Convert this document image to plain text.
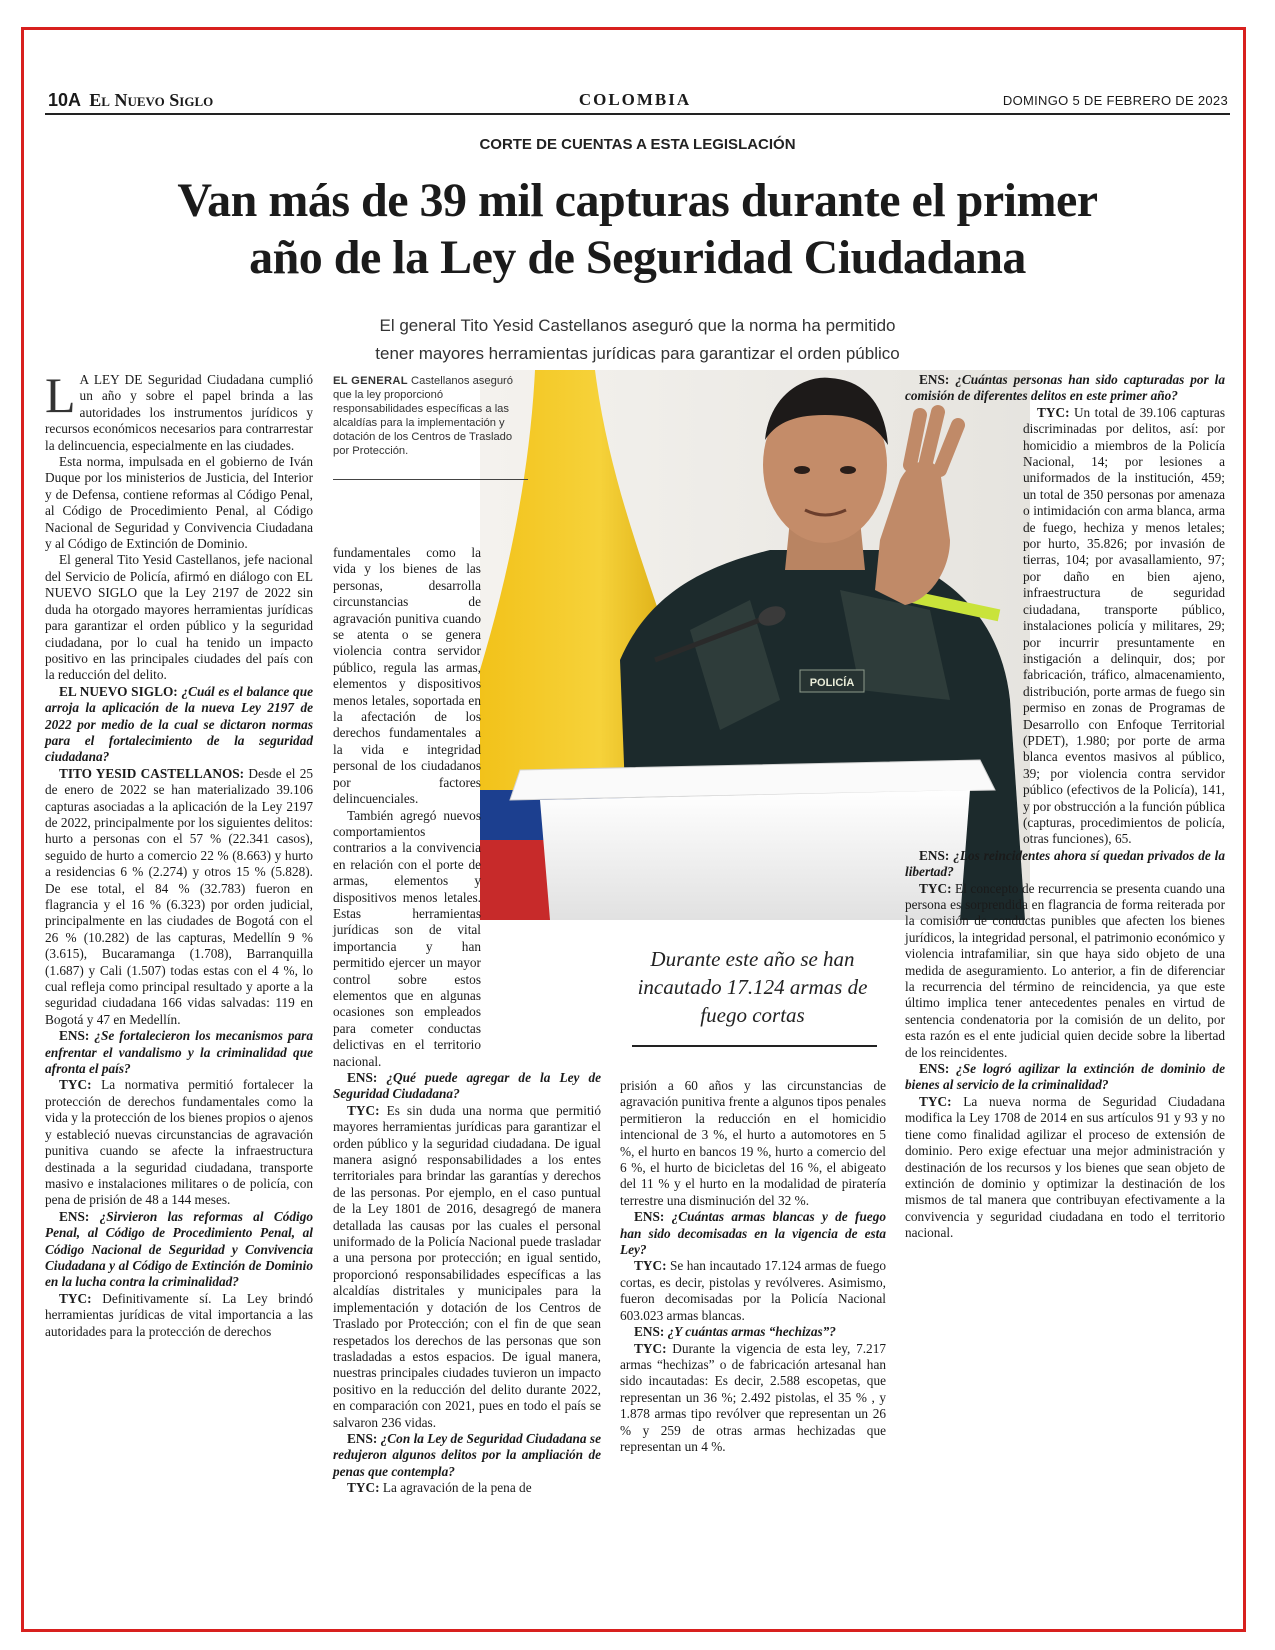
10A El Nuevo Siglo	COLOMBIA	DOMINGO 5 DE FEBRERO DE 2023
CORTE DE CUENTAS A ESTA LEGISLACIÓN
Van más de 39 mil capturas durante el primer
año de la Ley de Seguridad Ciudadana
El general Tito Yesid Castellanos aseguró que la norma ha permitido
tener mayores herramientas jurídicas para garantizar el orden público
POLICÍA
EL GENERAL Castellanos aseguró que la ley proporcionó responsabilidades específicas a las alcaldías para la implementación y dotación de los Centros de Traslado por Protección.

L A LEY DE Seguridad Ciudadana cumplió un año y sobre el papel brinda a las autoridades los instrumentos jurídicos y recursos económicos necesarios para contrarrestar la delincuencia, especialmente en las ciudades.

Esta norma, impulsada en el gobierno de Iván Duque por los ministerios de Justicia, del Interior y de Defensa, contiene reformas al Código Penal, al Código de Procedimiento Penal, al Código Nacional de Seguridad y Convivencia Ciudadana y al Código de Extinción de Dominio.

El general Tito Yesid Castellanos, jefe nacional del Servicio de Policía, afirmó en diálogo con EL NUEVO SIGLO que la Ley 2197 de 2022 sin duda ha otorgado mayores herramientas jurídicas para garantizar el orden público y la seguridad ciudadana, por lo cual ha tenido un impacto positivo en las principales ciudades del país con la reducción del delito.

EL NUEVO SIGLO: ¿Cuál es el balance que arroja la aplicación de la nueva Ley 2197 de 2022 por medio de la cual se dictaron normas para el fortalecimiento de la seguridad ciudadana?

TITO YESID CASTELLANOS: Desde el 25 de enero de 2022 se han materializado 39.106 capturas asociadas a la aplicación de la Ley 2197 de 2022, principalmente por los siguientes delitos: hurto a personas con el 57 % (22.341 casos), seguido de hurto a comercio 22 % (8.663) y hurto a residencias 6 % (2.274) y otros 15 % (5.828). De ese total, el 84 % (32.783) fueron en flagrancia y el 16 % (6.323) por orden judicial, principalmente en las ciudades de Bogotá con el 26 % (10.282) de las capturas, Medellín 9 % (3.615), Bucaramanga (1.708), Barranquilla (1.687) y Cali (1.507) todas estas con el 4 %, lo cual refleja como principal resultado y aporte a la seguridad ciudadana 166 vidas salvadas: 119 en Bogotá y 47 en Medellín.

ENS: ¿Se fortalecieron los mecanismos para enfrentar el vandalismo y la criminalidad que afronta el país?

TYC: La normativa permitió fortalecer la protección de derechos fundamentales como la vida y la protección de los bienes propios o ajenos y estableció nuevas circunstancias de agravación punitiva cuando se afecte la infraestructura destinada a la seguridad ciudadana, transporte masivo e instalaciones militares o de policía, con pena de prisión de 48 a 144 meses.

ENS: ¿Sirvieron las reformas al Código Penal, al Código de Procedimiento Penal, al Código Nacional de Seguridad y Convivencia Ciudadana y al Código de Extinción de Dominio en la lucha contra la criminalidad?

TYC: Definitivamente sí. La Ley brindó herramientas jurídicas de vital importancia a las autoridades para la protección de derechos

fundamentales como la vida y los bienes de las personas, desarrolla circunstancias de agravación punitiva cuando se atenta o se genera violencia contra servidor público, regula las armas, elementos y dispositivos menos letales, soportada en la afectación de los derechos fundamentales a la vida e integridad personal de los ciudadanos por factores delincuenciales.

También agregó nuevos comportamientos contrarios a la convivencia en relación con el porte de armas, elementos y dispositivos menos letales. Estas herramientas jurídicas son de vital importancia y han permitido ejercer un mayor control sobre estos elementos que en algunas ocasiones son empleados para cometer conductas delictivas en el territorio nacional.

ENS: ¿Qué puede agregar de la Ley de Seguridad Ciudadana?

TYC: Es sin duda una norma que permitió mayores herramientas jurídicas para garantizar el orden público y la seguridad ciudadana. De igual manera asignó responsabilidades a los entes territoriales para brindar las garantías y derechos de las personas. Por ejemplo, en el caso puntual de la Ley 1801 de 2016, desagregó de manera detallada las causas por las cuales el personal uniformado de la Policía Nacional puede trasladar a una persona por protección; en igual sentido, proporcionó responsabilidades específicas a las alcaldías distritales y municipales para la implementación y dotación de los Centros de Traslado por Protección; con el fin de que sean respetados los derechos de las personas que son trasladadas a estos espacios. De igual manera, nuestras principales ciudades tuvieron un impacto positivo en la reducción del delito durante 2022, en comparación con 2021, pues en todo el país se salvaron 236 vidas.

ENS: ¿Con la Ley de Seguridad Ciudadana se redujeron algunos delitos por la ampliación de penas que contempla?

TYC: La agravación de la pena de

Durante este año se han incautado 17.124 armas de fuego cortas

prisión a 60 años y las circunstancias de agravación punitiva frente a algunos tipos penales permitieron la reducción en el homicidio intencional de 3 %, el hurto a automotores en 5 %, el hurto en bancos 19 %, hurto a comercio del 6 %, el hurto de bicicletas del 16 %, el abigeato del 11 % y el hurto en la modalidad de piratería terrestre una disminución del 32 %.

ENS: ¿Cuántas armas blancas y de fuego han sido decomisadas en la vigencia de esta Ley?

TYC: Se han incautado 17.124 armas de fuego cortas, es decir, pistolas y revólveres. Asimismo, fueron decomisadas por la Policía Nacional 603.023 armas blancas.

ENS: ¿Y cuántas armas “hechizas”?

TYC: Durante la vigencia de esta ley, 7.217 armas “hechizas” o de fabricación artesanal han sido incautadas: Es decir, 2.588 escopetas, que representan un 36 %; 2.492 pistolas, el 35 % , y 1.878 armas tipo revólver que representan un 26 % y 259 de otras armas hechizadas que representan un 4 %.

ENS: ¿Cuántas personas han sido capturadas por la comisión de diferentes delitos en este primer año?

TYC: Un total de 39.106 capturas discriminadas por delitos, así: por homicidio a miembros de la Policía Nacional, 14; por lesiones a uniformados de la institución, 459; un total de 350 personas por amenaza o intimidación con arma blanca, arma de fuego, hechiza y menos letales; por hurto, 35.826; por invasión de tierras, 104; por avasallamiento, 97; por daño en bien ajeno, infraestructura de seguridad ciudadana, transporte público, instalaciones policía y militares, 29; por incurrir presuntamente en instigación a delinquir, dos; por fabricación, tráfico, almacenamiento, distribución, porte armas de fuego sin permiso en zonas de Programas de Desarrollo con Enfoque Territorial (PDET), 1.980; por porte de arma blanca eventos masivos al público, 39; por violencia contra servidor público (efectivos de la Policía), 141, y por obstrucción a la función pública (capturas, procedimientos de policía, otras funciones), 65.

ENS: ¿Los reincidentes ahora sí quedan privados de la libertad?

TYC: El concepto de recurrencia se presenta cuando una persona es sorprendida en flagrancia de forma reiterada por la comisión de conductas punibles que afecten los bienes jurídicos, la integridad personal, el patrimonio económico y violencia intrafamiliar, sin que haya sido objeto de una medida de aseguramiento. Lo anterior, a fin de diferenciar la recurrencia del término de reincidencia, ya que este último implica tener antecedentes penales en virtud de sentencia condenatoria por la comisión de un delito, por esta razón es el ente judicial quien decide sobre la libertad de los reincidentes.

ENS: ¿Se logró agilizar la extinción de dominio de bienes al servicio de la criminalidad?

TYC: La nueva norma de Seguridad Ciudadana modifica la Ley 1708 de 2014 en sus artículos 91 y 93 y no tiene como finalidad agilizar el proceso de extensión de dominio. Pero exige efectuar una mejor administración y destinación de los recursos y los bienes que sean objeto de extinción de dominio y optimizar la destinación de los mismos de tal manera que contribuyan efectivamente a la convivencia y seguridad ciudadana en todo el territorio nacional.
